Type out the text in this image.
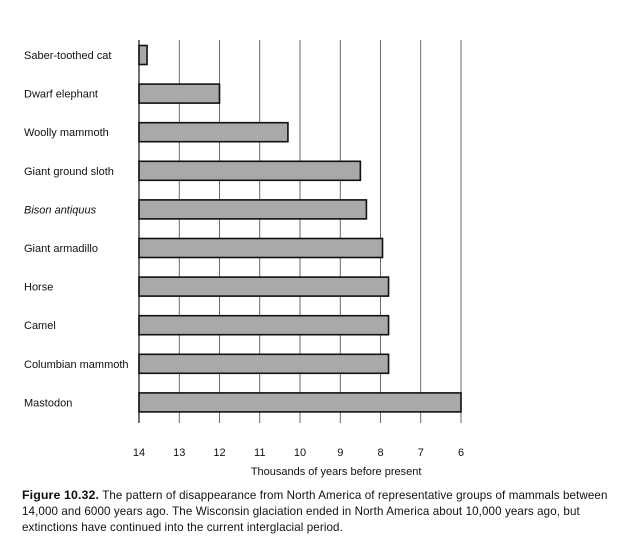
Saber-toothed cat
Dwarf elephant
Woolly mammoth
Giant ground sloth
Bison antiquus
Giant armadillo
Horse
Camel
Columbian mammoth
Mastodon
14	13	12	11	10	9	8	7	6
Thousands of years before present
Figure 10.32. The pattern of disappearance from North America of representative groups of mammals between 14,000 and 6000 years ago. The Wisconsin glaciation ended in North America about 10,000 years ago, but extinctions have continued into the current interglacial period.
